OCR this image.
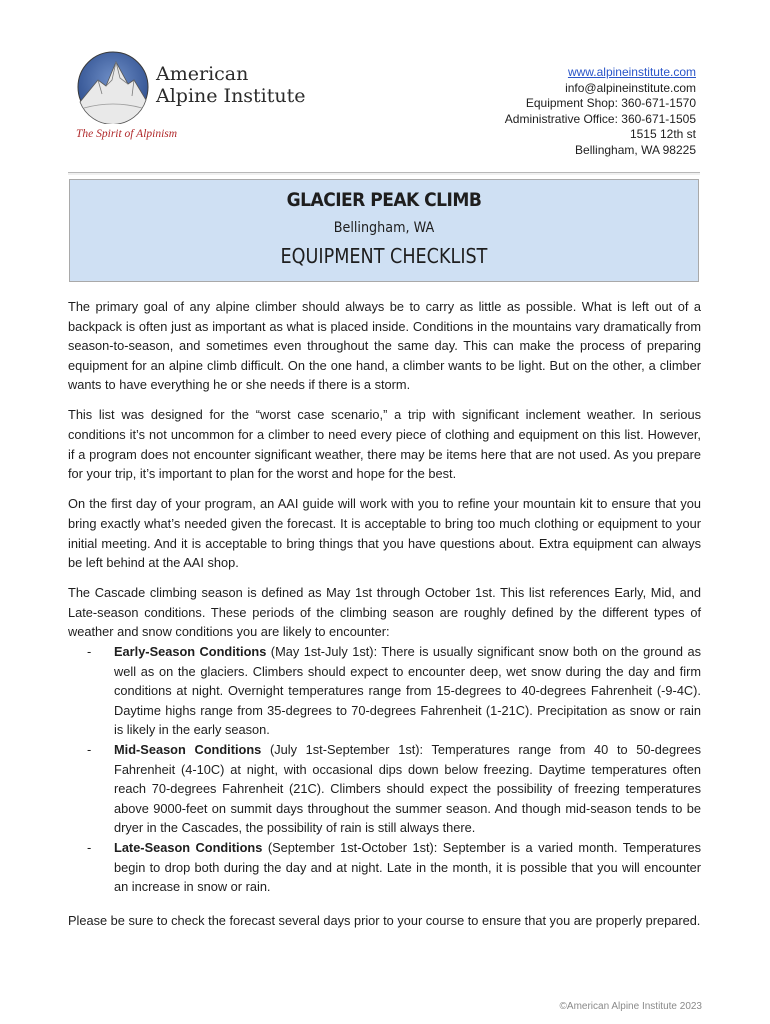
American
Alpine Institute
The Spirit of Alpinism
www.alpineinstitute.com
info@alpineinstitute.com
Equipment Shop: 360-671-1570
Administrative Office: 360-671-1505
1515 12th st
Bellingham, WA 98225
GLACIER PEAK CLIMB
Bellingham, WA
EQUIPMENT CHECKLIST

The primary goal of any alpine climber should always be to carry as little as possible. What is left out of a backpack is often just as important as what is placed inside. Conditions in the mountains vary dramatically from season-to-season, and sometimes even throughout the same day. This can make the process of preparing equipment for an alpine climb difficult. On the one hand, a climber wants to be light. But on the other, a climber wants to have everything he or she needs if there is a storm.

This list was designed for the “worst case scenario,” a trip with significant inclement weather. In serious conditions it’s not uncommon for a climber to need every piece of clothing and equipment on this list. However, if a program does not encounter significant weather, there may be items here that are not used. As you prepare for your trip, it’s important to plan for the worst and hope for the best.

On the first day of your program, an AAI guide will work with you to refine your mountain kit to ensure that you bring exactly what’s needed given the forecast. It is acceptable to bring too much clothing or equipment to your initial meeting. And it is acceptable to bring things that you have questions about. Extra equipment can always be left behind at the AAI shop.

The Cascade climbing season is defined as May 1st through October 1st. This list references Early, Mid, and Late-season conditions. These periods of the climbing season are roughly defined by the different types of weather and snow conditions you are likely to encounter:

- Early-Season Conditions (May 1st-July 1st): There is usually significant snow both on the ground as well as on the glaciers. Climbers should expect to encounter deep, wet snow during the day and firm conditions at night. Overnight temperatures range from 15-degrees to 40-degrees Fahrenheit (-9-4C). Daytime highs range from 35-degrees to 70-degrees Fahrenheit (1-21C). Precipitation as snow or rain is likely in the early season.
- Mid-Season Conditions (July 1st-September 1st): Temperatures range from 40 to 50-degrees Fahrenheit (4-10C) at night, with occasional dips down below freezing. Daytime temperatures often reach 70-degrees Fahrenheit (21C). Climbers should expect the possibility of freezing temperatures above 9000-feet on summit days throughout the summer season. And though mid-season tends to be dryer in the Cascades, the possibility of rain is still always there.
- Late-Season Conditions (September 1st-October 1st): September is a varied month. Temperatures begin to drop both during the day and at night. Late in the month, it is possible that you will encounter an increase in snow or rain.

Please be sure to check the forecast several days prior to your course to ensure that you are properly prepared.

©American Alpine Institute 2023
